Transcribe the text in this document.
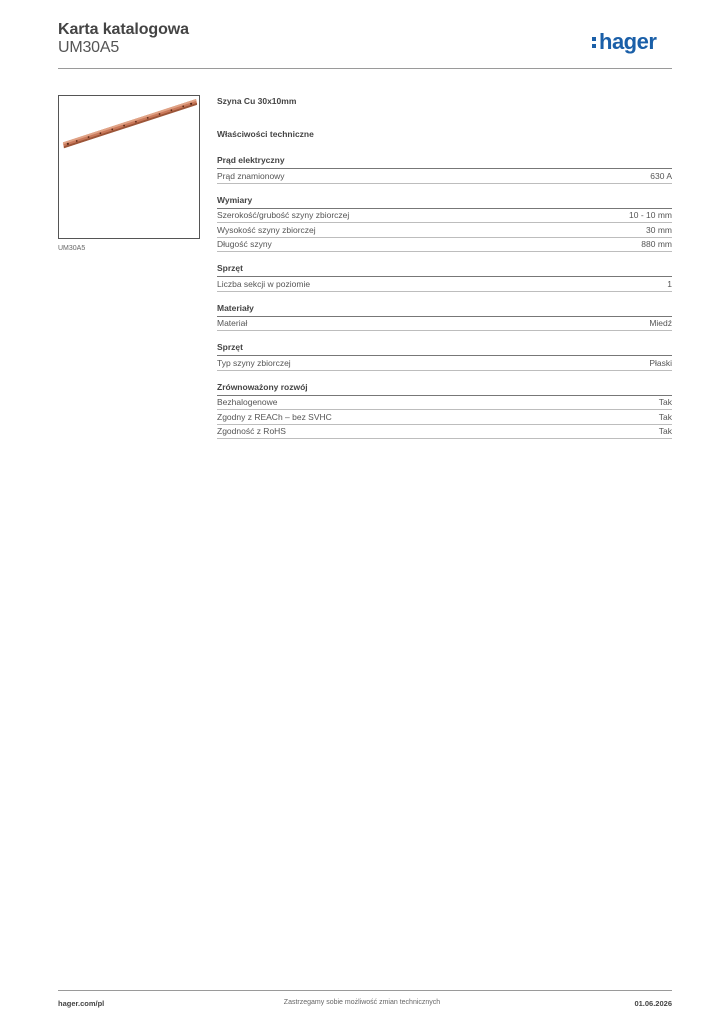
Karta katalogowa
UM30A5	hager
UM30A5
Szyna Cu 30x10mm
Właściwości techniczne
Prąd elektryczny
Prąd znamionowy	630 A
Wymiary
Szerokość/grubość szyny zbiorczej	10 - 10 mm
Wysokość szyny zbiorczej	30 mm
Długość szyny	880 mm
Sprzęt
Liczba sekcji w poziomie	1
Materiały
Materiał	Miedź
Sprzęt
Typ szyny zbiorczej	Płaski
Zrównoważony rozwój
Bezhalogenowe	Tak
Zgodny z REACh – bez SVHC	Tak
Zgodność z RoHS	Tak
hager.com/pl	Zastrzegamy sobie możliwość zmian technicznych	01.06.2026
